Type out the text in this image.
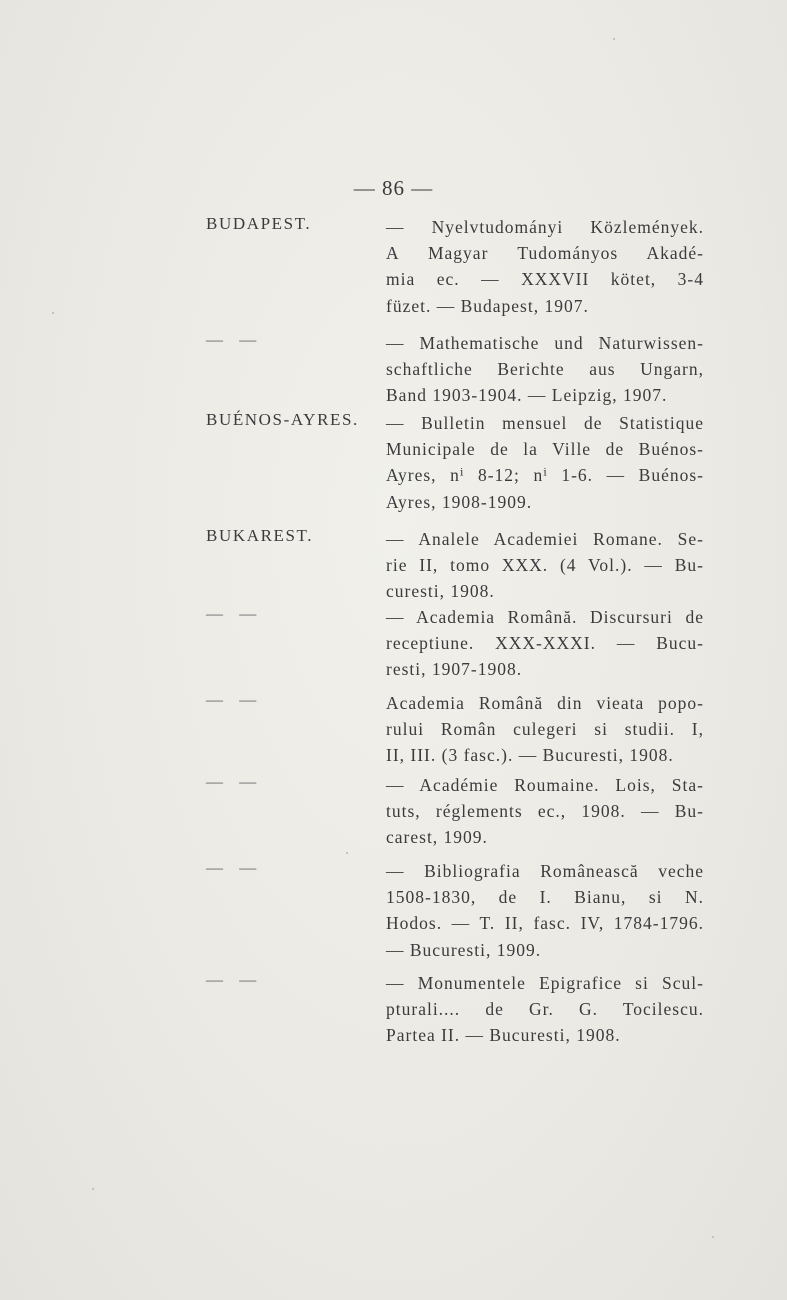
— 86 —
BUDAPEST.	— Nyelvtudományi Közlemények.
A Magyar Tudományos Akadé-
mia ec. — XXXVII kötet, 3-4
füzet. — Budapest, 1907.
— —	— Mathematische und Naturwissen-
schaftliche Berichte aus Ungarn,
Band 1903-1904. — Leipzig, 1907.
BUÉNOS-AYRES. — Bulletin mensuel de Statistique
Municipale de la Ville de Buénos-
Ayres, nⁱ 8-12; nⁱ 1-6. — Buénos-
Ayres, 1908-1909.
BUKAREST.	— Analele Academiei Romane. Se-
rie II, tomo XXX. (4 Vol.). — Bu-
curesti, 1908.
— —	— Academia Română. Discursuri de
receptiune. XXX-XXXI. — Bucu-
resti, 1907-1908.
— —	Academia Română din vieata popo-
rului Român culegeri si studii. I,
II, III. (3 fasc.). — Bucuresti, 1908.
— —	— Académie Roumaine. Lois, Sta-
tuts, réglements ec., 1908. — Bu-
carest, 1909.
— —	— Bibliografia Românească veche
1508-1830, de I. Bianu, si N.
Hodos. — T. II, fasc. IV, 1784-1796.
— Bucuresti, 1909.
— —	— Monumentele Epigrafice si Scul-
pturali.... de Gr. G. Tocilescu.
Partea II. — Bucuresti, 1908.
